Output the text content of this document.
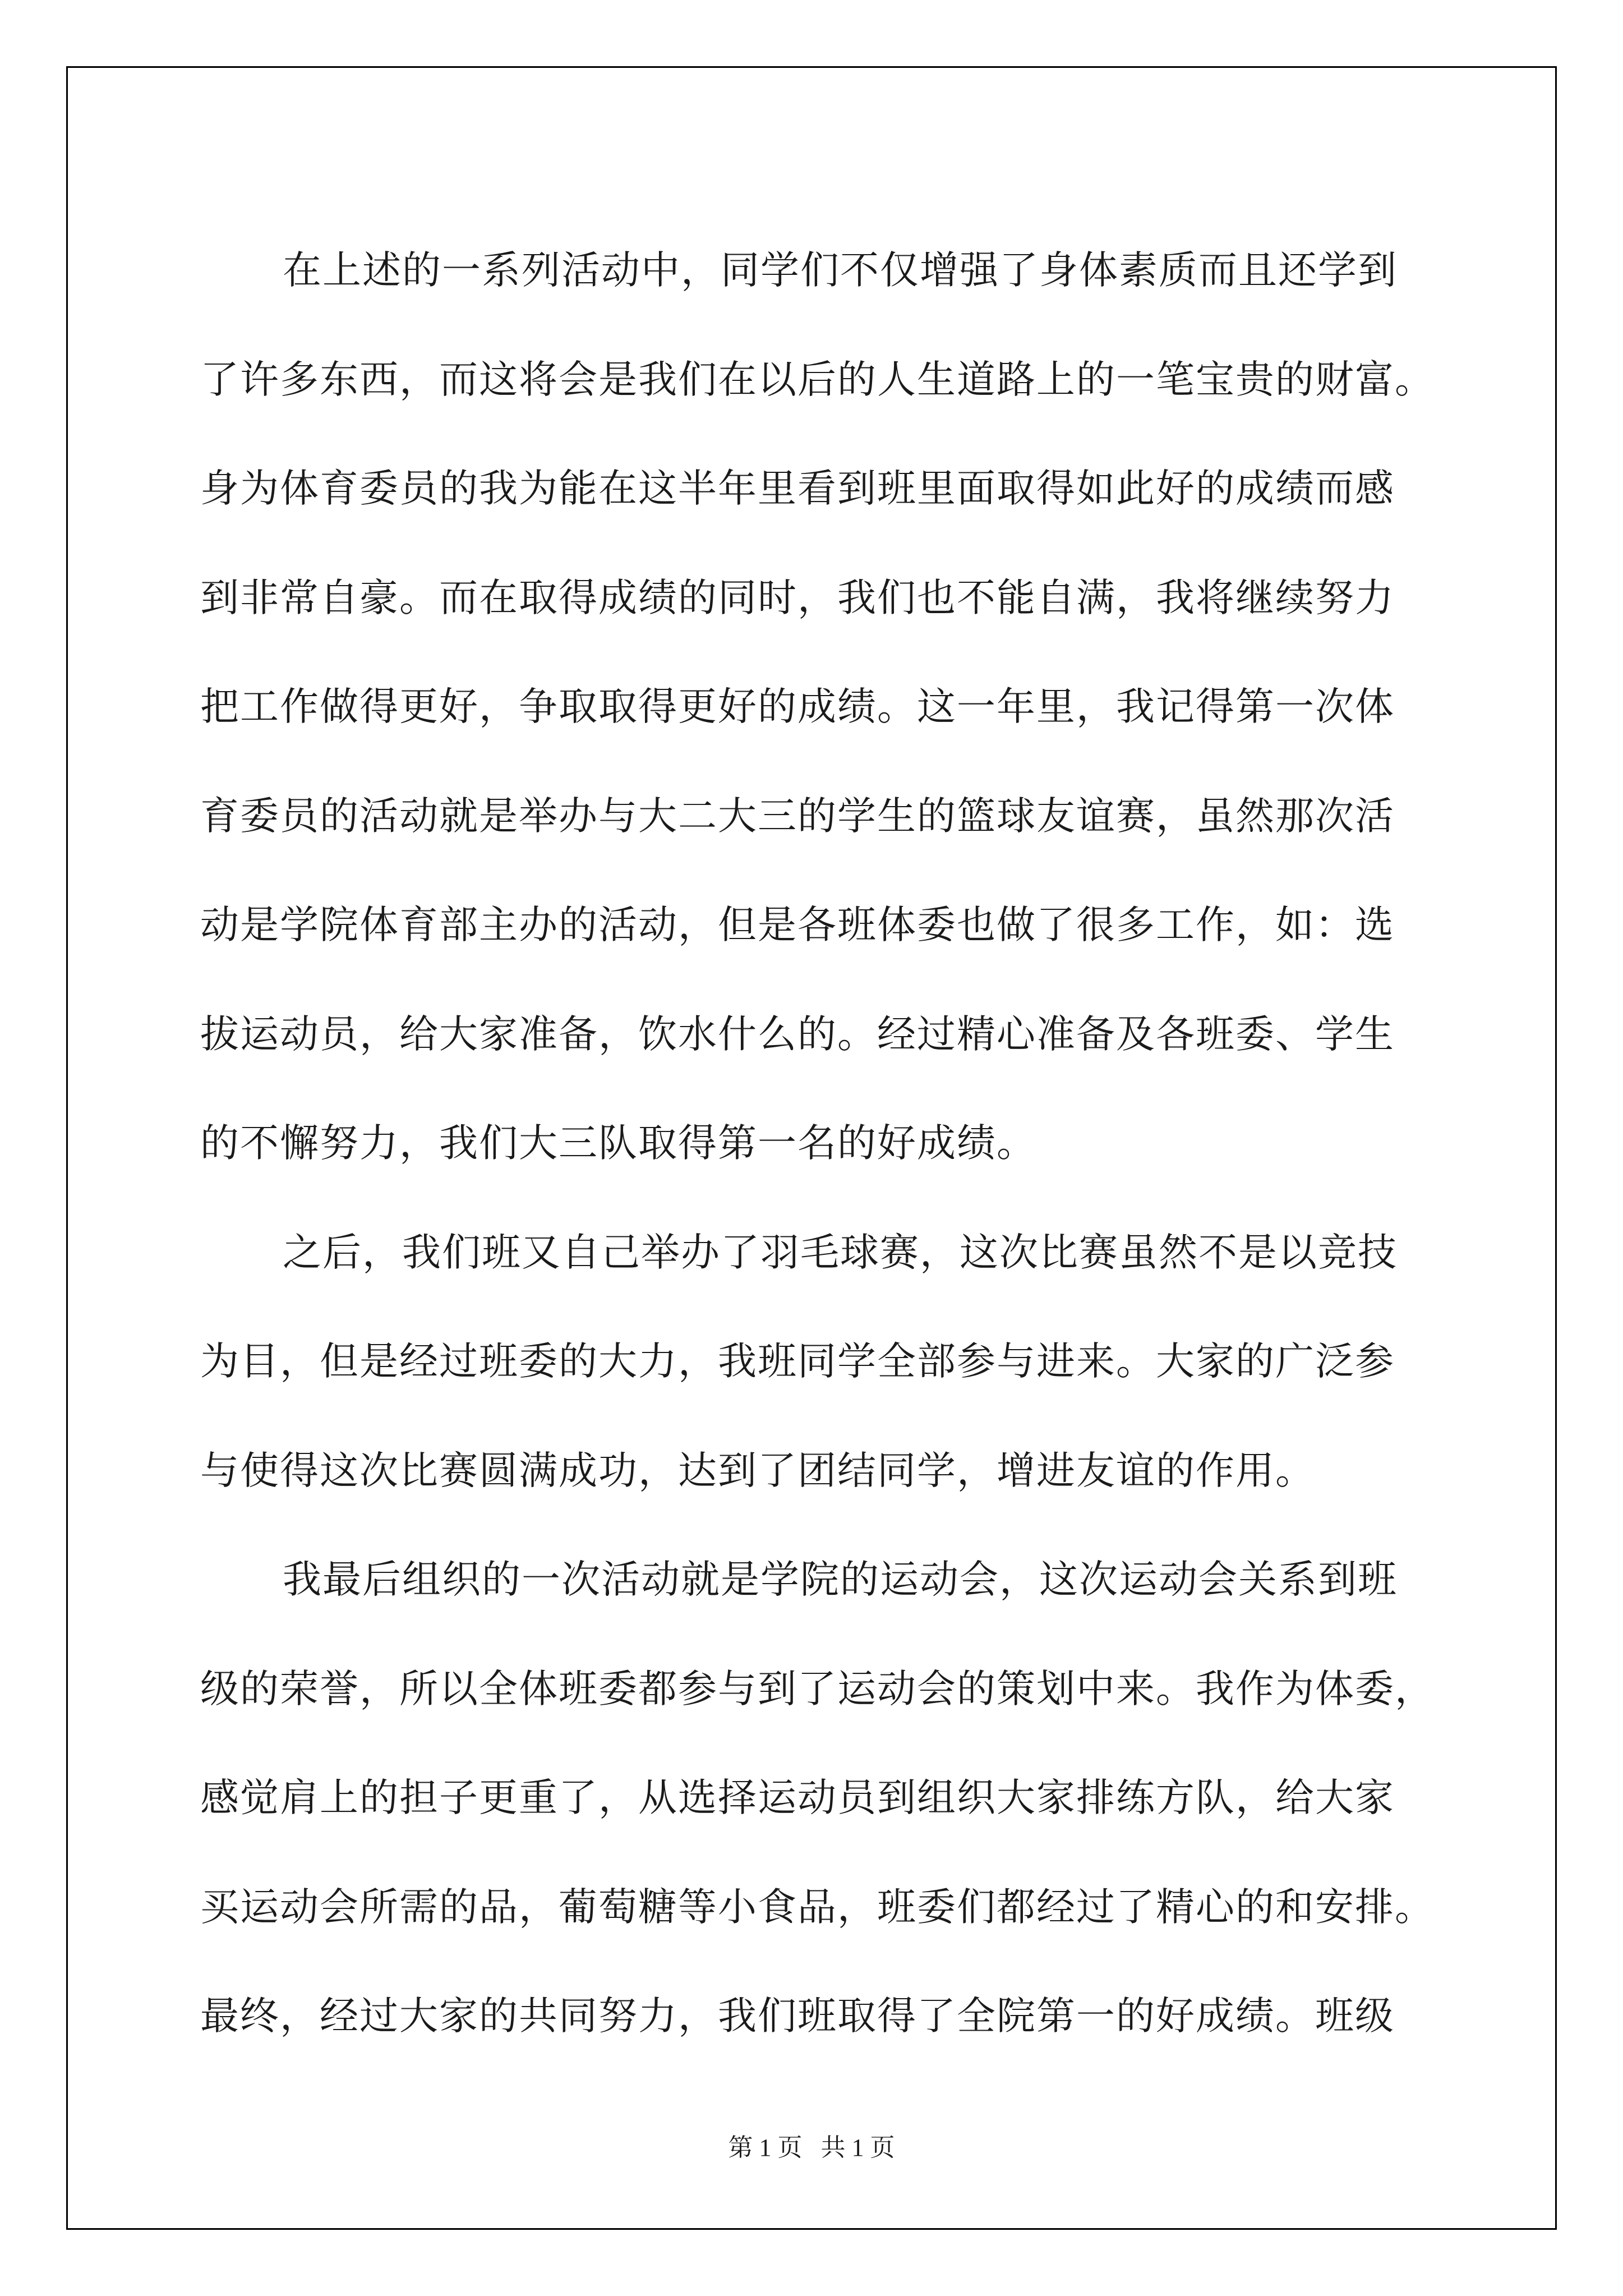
在上述的一系列活动中，同学们不仅增强了身体素质而且还学到

了许多东西，而这将会是我们在以后的人生道路上的一笔宝贵的财富。

身为体育委员的我为能在这半年里看到班里面取得如此好的成绩而感

到非常自豪。而在取得成绩的同时，我们也不能自满，我将继续努力

把工作做得更好，争取取得更好的成绩。这一年里，我记得第一次体

育委员的活动就是举办与大二大三的学生的篮球友谊赛，虽然那次活

动是学院体育部主办的活动，但是各班体委也做了很多工作，如：选

拔运动员，给大家准备，饮水什么的。经过精心准备及各班委、学生

的不懈努力，我们大三队取得第一名的好成绩。

之后，我们班又自己举办了羽毛球赛，这次比赛虽然不是以竞技

为目，但是经过班委的大力，我班同学全部参与进来。大家的广泛参

与使得这次比赛圆满成功，达到了团结同学，增进友谊的作用。

我最后组织的一次活动就是学院的运动会，这次运动会关系到班

级的荣誉，所以全体班委都参与到了运动会的策划中来。我作为体委，

感觉肩上的担子更重了，从选择运动员到组织大家排练方队，给大家

买运动会所需的品，葡萄糖等小食品，班委们都经过了精心的和安排。

最终，经过大家的共同努力，我们班取得了全院第一的好成绩。班级

第 1 页   共 1 页
